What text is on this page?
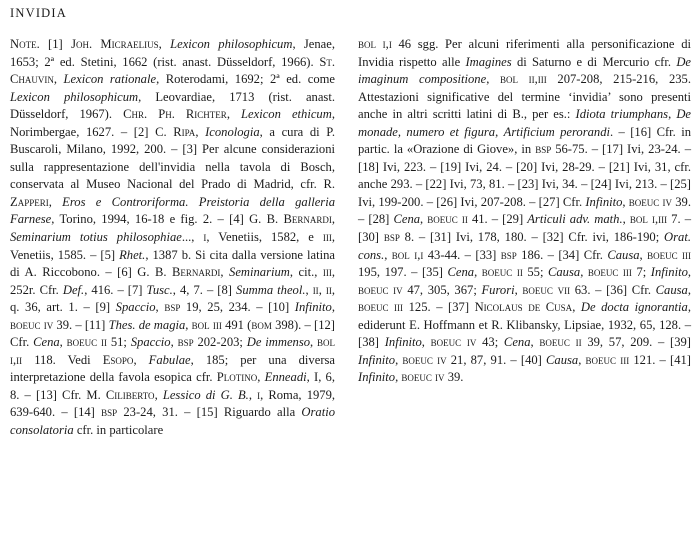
INVIDIA

Note. [1] Joh. Micraelius, Lexicon philosophicum, Jenae, 1653; 2ª ed. Stetini, 1662 (rist. anast. Düsseldorf, 1966). St. Chauvin, Lexicon rationale, Roterodami, 1692; 2ª ed. come Lexicon philosophicum, Leovardiae, 1713 (rist. anast. Düsseldorf, 1967). Chr. Ph. Richter, Lexicon ethicum, Norimbergae, 1627. – [2] C. Ripa, Iconologia, a cura di P. Buscaroli, Milano, 1992, 200. – [3] Per alcune considerazioni sulla rappresentazione dell'invidia nella tavola di Bosch, conservata al Museo Nacional del Prado di Madrid, cfr. R. Zapperi, Eros e Controriforma. Preistoria della galleria Farnese, Torino, 1994, 16-18 e fig. 2. – [4] G. B. Bernardi, Seminarium totius philosophiae..., i, Venetiis, 1582, e iii, Venetiis, 1585. – [5] Rhet., 1387 b. Si cita dalla versione latina di A. Riccobono. – [6] G. B. Bernardi, Seminarium, cit., iii, 252r. Cfr. Def., 416. – [7] Tusc., 4, 7. – [8] Summa theol., ii, ii, q. 36, art. 1. – [9] Spaccio, bsp 19, 25, 234. – [10] Infinito, boeuc iv 39. – [11] Thes. de magia, bol iii 491 (bom 398). – [12] Cfr. Cena, boeuc ii 51; Spaccio, bsp 202-203; De immenso, bol i,ii 118. Vedi Esopo, Fabulae, 185; per una diversa interpretazione della favola esopica cfr. Plotino, Enneadi, I, 6, 8. – [13] Cfr. M. Ciliberto, Lessico di G. B., i, Roma, 1979, 639-640. – [14] bsp 23-24, 31. – [15] Riguardo alla Oratio consolatoria cfr. in particolare

bol i,i 46 sgg. Per alcuni riferimenti alla personificazione di Invidia rispetto alle Imagines di Saturno e di Mercurio cfr. De imaginum compositione, bol ii,iii 207-208, 215-216, 235. Attestazioni significative del termine ‘invidia’ sono presenti anche in altri scritti latini di B., per es.: Idiota triumphans, De monade, numero et figura, Artificium perorandi. – [16] Cfr. in partic. la «Orazione di Giove», in bsp 56-75. – [17] Ivi, 23-24. – [18] Ivi, 223. – [19] Ivi, 24. – [20] Ivi, 28-29. – [21] Ivi, 31, cfr. anche 293. – [22] Ivi, 73, 81. – [23] Ivi, 34. – [24] Ivi, 213. – [25] Ivi, 199-200. – [26] Ivi, 207-208. – [27] Cfr. Infinito, boeuc iv 39. – [28] Cena, boeuc ii 41. – [29] Articuli adv. math., bol i,iii 7. – [30] bsp 8. – [31] Ivi, 178, 180. – [32] Cfr. ivi, 186-190; Orat. cons., bol i,i 43-44. – [33] bsp 186. – [34] Cfr. Causa, boeuc iii 195, 197. – [35] Cena, boeuc ii 55; Causa, boeuc iii 7; Infinito, boeuc iv 47, 305, 367; Furori, boeuc vii 63. – [36] Cfr. Causa, boeuc iii 125. – [37] Nicolaus de Cusa, De docta ignorantia, ediderunt E. Hoffmann et R. Klibansky, Lipsiae, 1932, 65, 128. – [38] Infinito, boeuc iv 43; Cena, boeuc ii 39, 57, 209. – [39] Infinito, boeuc iv 21, 87, 91. – [40] Causa, boeuc iii 121. – [41] Infinito, boeuc iv 39.
